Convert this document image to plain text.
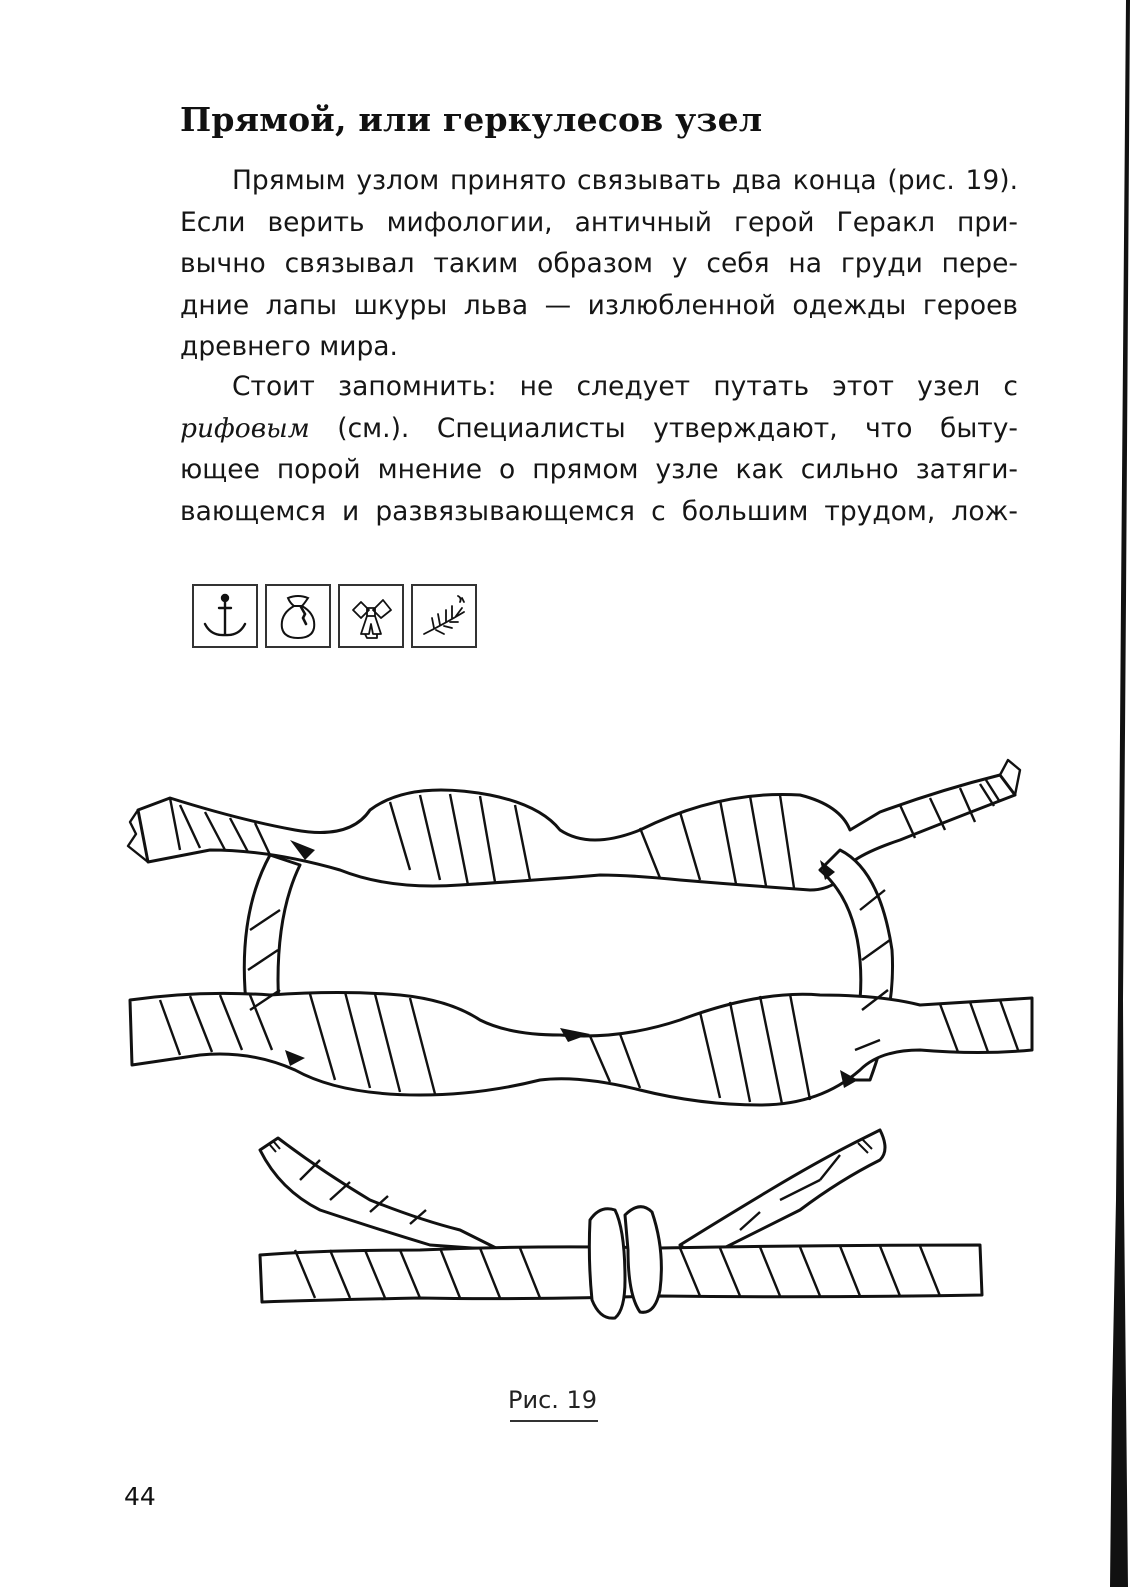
Прямой, или геркулесов узел
Прямым узлом принято связывать два конца (рис. 19).
Если верить мифологии, античный герой Геракл при-
вычно связывал таким образом у себя на груди пере-
дние лапы шкуры льва — излюбленной одежды героев
древнего мира.
Стоит запомнить: не следует путать этот узел с
рифовым (см.). Специалисты утверждают, что быту-
ющее порой мнение о прямом узле как сильно затяги-
вающемся и развязывающемся с большим трудом, лож-
Рис. 19
44
